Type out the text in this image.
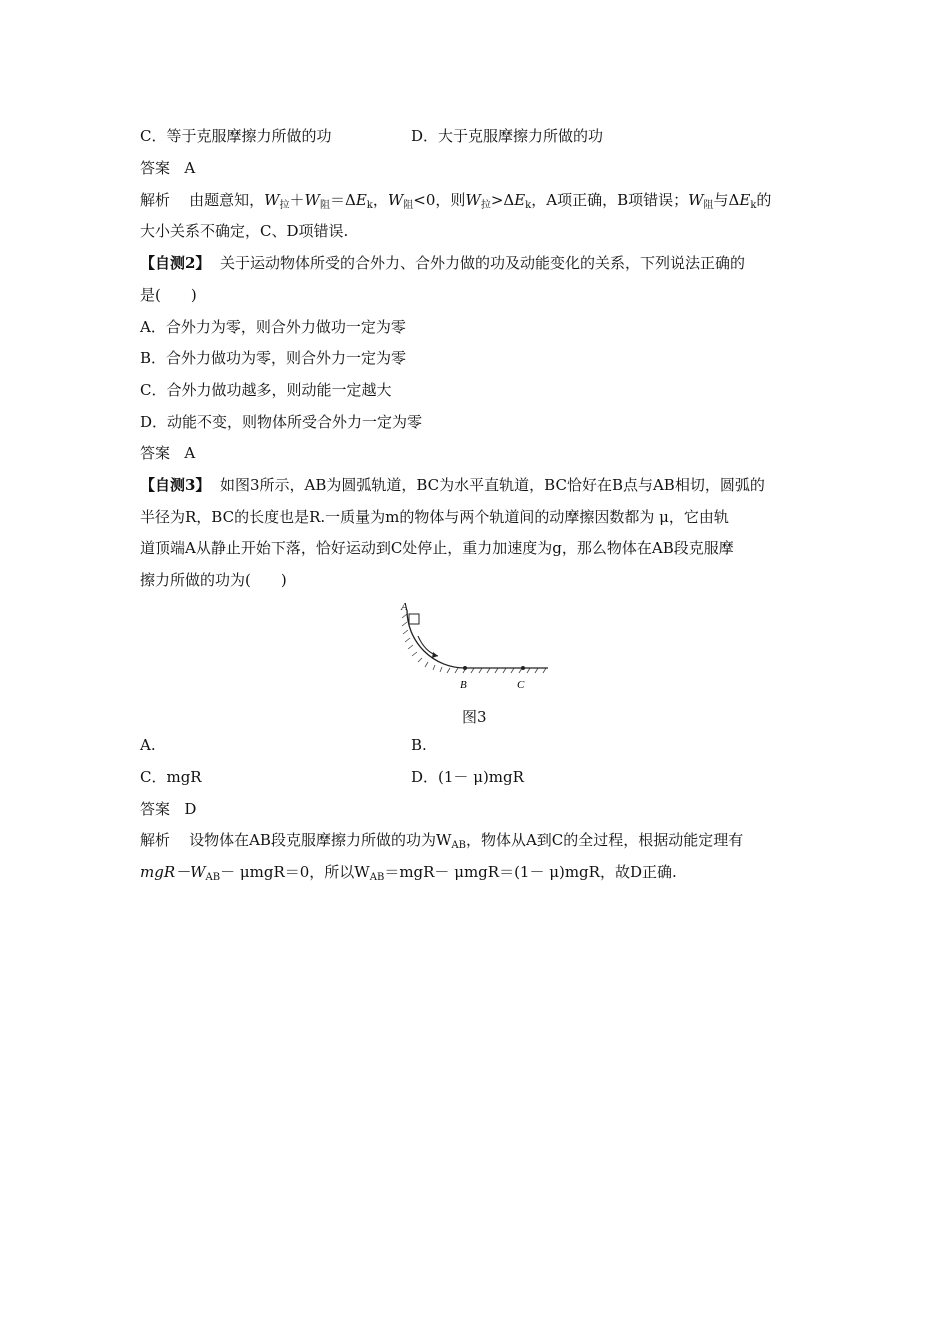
C．等于克服摩擦力所做的功	D．大于克服摩擦力所做的功
答案 A
解析 由题意知，$W_拉+W_阻=\Delta E_k$，$W_阻<0$，则$W_拉>\Delta E_k$，A项正确，B项错误；$W_阻$与$\Delta E_k$的
大小关系不确定，C、D项错误.
【自测2】 关于运动物体所受的合外力、合外力做的功及动能变化的关系，下列说法正确的
是(　　)
A．合外力为零，则合外力做功一定为零
B．合外力做功为零，则合外力一定为零
C．合外力做功越多，则动能一定越大
D．动能不变，则物体所受合外力一定为零
答案 A
【自测3】 如图3所示，AB为圆弧轨道，BC为水平直轨道，BC恰好在B点与AB相切，圆弧的
半径为R，BC的长度也是R.一质量为m的物体与两个轨道间的动摩擦因数都为 μ，它由轨
道顶端A从静止开始下落，恰好运动到C处停止，重力加速度为g，那么物体在AB段克服摩
擦力所做的功为(　　)
A
B	C
图3
A.	B.
C．mgR	D．(1－ μ)mgR
答案 D
解析 设物体在AB段克服摩擦力所做的功为$W_{AB}$，物体从A到C的全过程，根据动能定理有
$mgR-W_{AB}- \mu mgR=0$，所以$W_{AB}=mgR- \mu mgR=(1- \mu)mgR$，故D正确.
